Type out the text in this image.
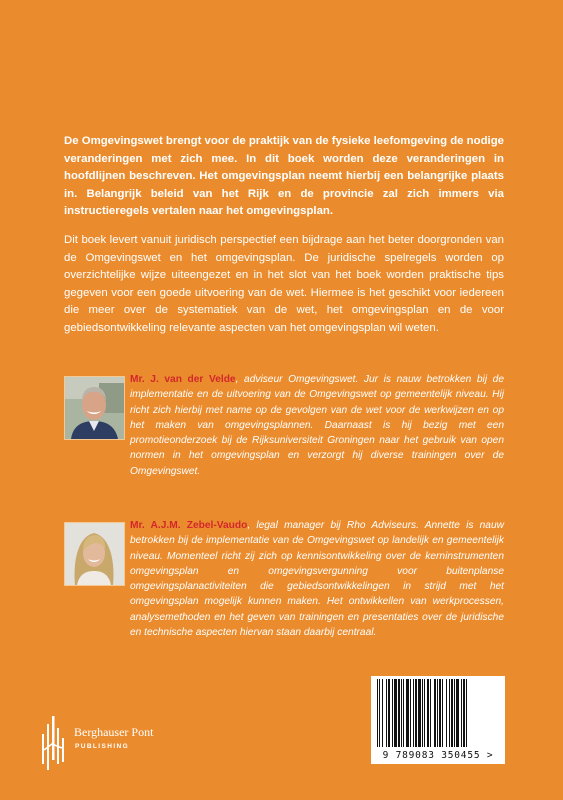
De Omgevingswet brengt voor de praktijk van de fysieke leefomgeving de nodige veranderingen met zich mee. In dit boek worden deze veranderingen in hoofdlijnen beschreven. Het omgevingsplan neemt hierbij een belangrijke plaats in. Belangrijk beleid van het Rijk en de provincie zal zich immers via instructieregels vertalen naar het omgevingsplan.

Dit boek levert vanuit juridisch perspectief een bijdrage aan het beter doorgronden van de Omgevingswet en het omgevingsplan. De juridische spelregels worden op overzichtelijke wijze uiteengezet en in het slot van het boek worden praktische tips gegeven voor een goede uitvoering van de wet. Hiermee is het geschikt voor iedereen die meer over de systematiek van de wet, het omgevingsplan en de voor gebiedsontwikkeling relevante aspecten van het omgevingsplan wil weten.

Mr. J. van der Velde, adviseur Omgevingswet. Jur is nauw betrokken bij de implementatie en de uitvoering van de Omgevingswet op gemeentelijk niveau. Hij richt zich hierbij met name op de gevolgen van de wet voor de werkwijzen en op het maken van omgevingsplannen. Daarnaast is hij bezig met een promotieonderzoek bij de Rijksuniversiteit Groningen naar het gebruik van open normen in het omgevingsplan en verzorgt hij diverse trainingen over de Omgevingswet.

Mr. A.J.M. Zebel-Vaudo, legal manager bij Rho Adviseurs. Annette is nauw betrokken bij de implementatie van de Omgevingswet op landelijk en gemeentelijk niveau. Momenteel richt zij zich op kennisontwikkeling over de kerninstrumenten omgevingsplan en omgevingsvergunning voor buitenplanse omgevingsplanactiviteiten die gebiedsontwikkelingen in strijd met het omgevingsplan mogelijk kunnen maken. Het ontwikkellen van werkprocessen, analysemethoden en het geven van trainingen en presentaties over de juridische en technische aspecten hiervan staan daarbij centraal.

Berghauser Pont
PUBLISHING
9 789083 350455 >
